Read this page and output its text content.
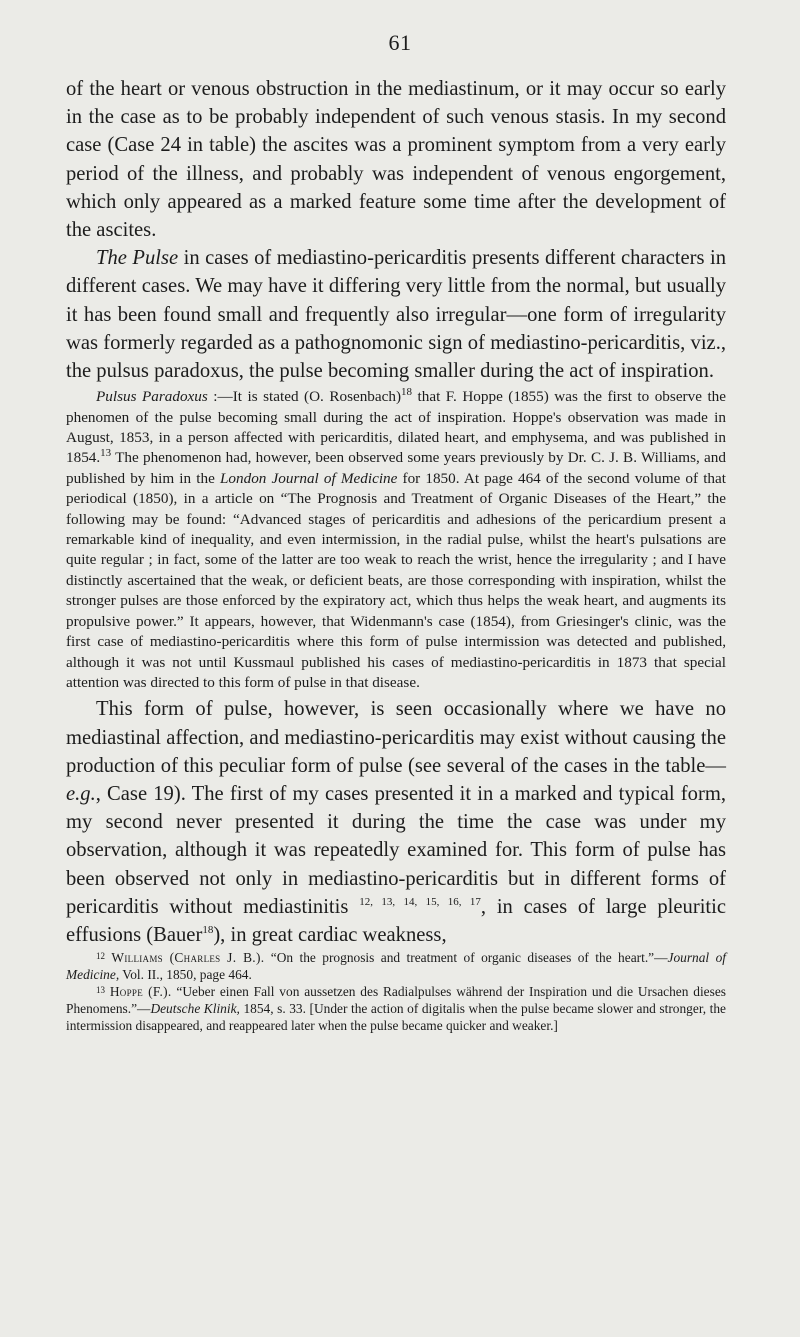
61

of the heart or venous obstruction in the mediastinum, or it may occur so early in the case as to be probably independent of such venous stasis. In my second case (Case 24 in table) the ascites was a prominent symptom from a very early period of the illness, and probably was independent of venous engorgement, which only appeared as a marked feature some time after the development of the ascites.

The Pulse in cases of mediastino-pericarditis presents different characters in different cases. We may have it differing very little from the normal, but usually it has been found small and frequently also irregular—one form of irregularity was formerly regarded as a pathognomonic sign of mediastino-pericarditis, viz., the pulsus paradoxus, the pulse becoming smaller during the act of inspiration.

Pulsus Paradoxus :—It is stated (O. Rosenbach)$^{18}$ that F. Hoppe (1855) was the first to observe the phenomen of the pulse becoming small during the act of inspiration. Hoppe's observation was made in August, 1853, in a person affected with pericarditis, dilated heart, and emphysema, and was published in 1854.13 The phenomenon had, however, been observed some years previously by Dr. C. J. B. Williams, and published by him in the London Journal of Medicine for 1850. At page 464 of the second volume of that periodical (1850), in a article on “The Prognosis and Treatment of Organic Diseases of the Heart,” the following may be found: “Advanced stages of pericarditis and adhesions of the pericardium present a remarkable kind of inequality, and even intermission, in the radial pulse, whilst the heart's pulsations are quite regular ; in fact, some of the latter are too weak to reach the wrist, hence the irregularity ; and I have distinctly ascertained that the weak, or deficient beats, are those corresponding with inspiration, whilst the stronger pulses are those enforced by the expiratory act, which thus helps the weak heart, and augments its propulsive power.” It appears, however, that Widenmann's case (1854), from Griesinger's clinic, was the first case of mediastino-pericarditis where this form of pulse intermission was detected and published, although it was not until Kussmaul published his cases of mediastino-pericarditis in 1873 that special attention was directed to this form of pulse in that disease.

This form of pulse, however, is seen occasionally where we have no mediastinal affection, and mediastino-pericarditis may exist without causing the production of this peculiar form of pulse (see several of the cases in the table—e.g., Case 19). The first of my cases presented it in a marked and typical form, my second never presented it during the time the case was under my observation, although it was repeatedly examined for. This form of pulse has been observed not only in mediastino-pericarditis but in different forms of pericarditis without mediastinitis $^{12, 13, 14, 15, 16, 17}$, in cases of large pleuritic effusions (Bauer$^{18}$), in great cardiac weakness,

$^{12}$ Williams (Charles J. B.). “On the prognosis and treatment of organic diseases of the heart.”—Journal of Medicine, Vol. II., 1850, page 464.

$^{13}$ Hoppe (F.). “Ueber einen Fall von aussetzen des Radialpulses während der Inspiration und die Ursachen dieses Phenomens.”—Deutsche Klinik, 1854, s. 33. [Under the action of digitalis when the pulse became slower and stronger, the intermission disappeared, and reappeared later when the pulse became quicker and weaker.]
